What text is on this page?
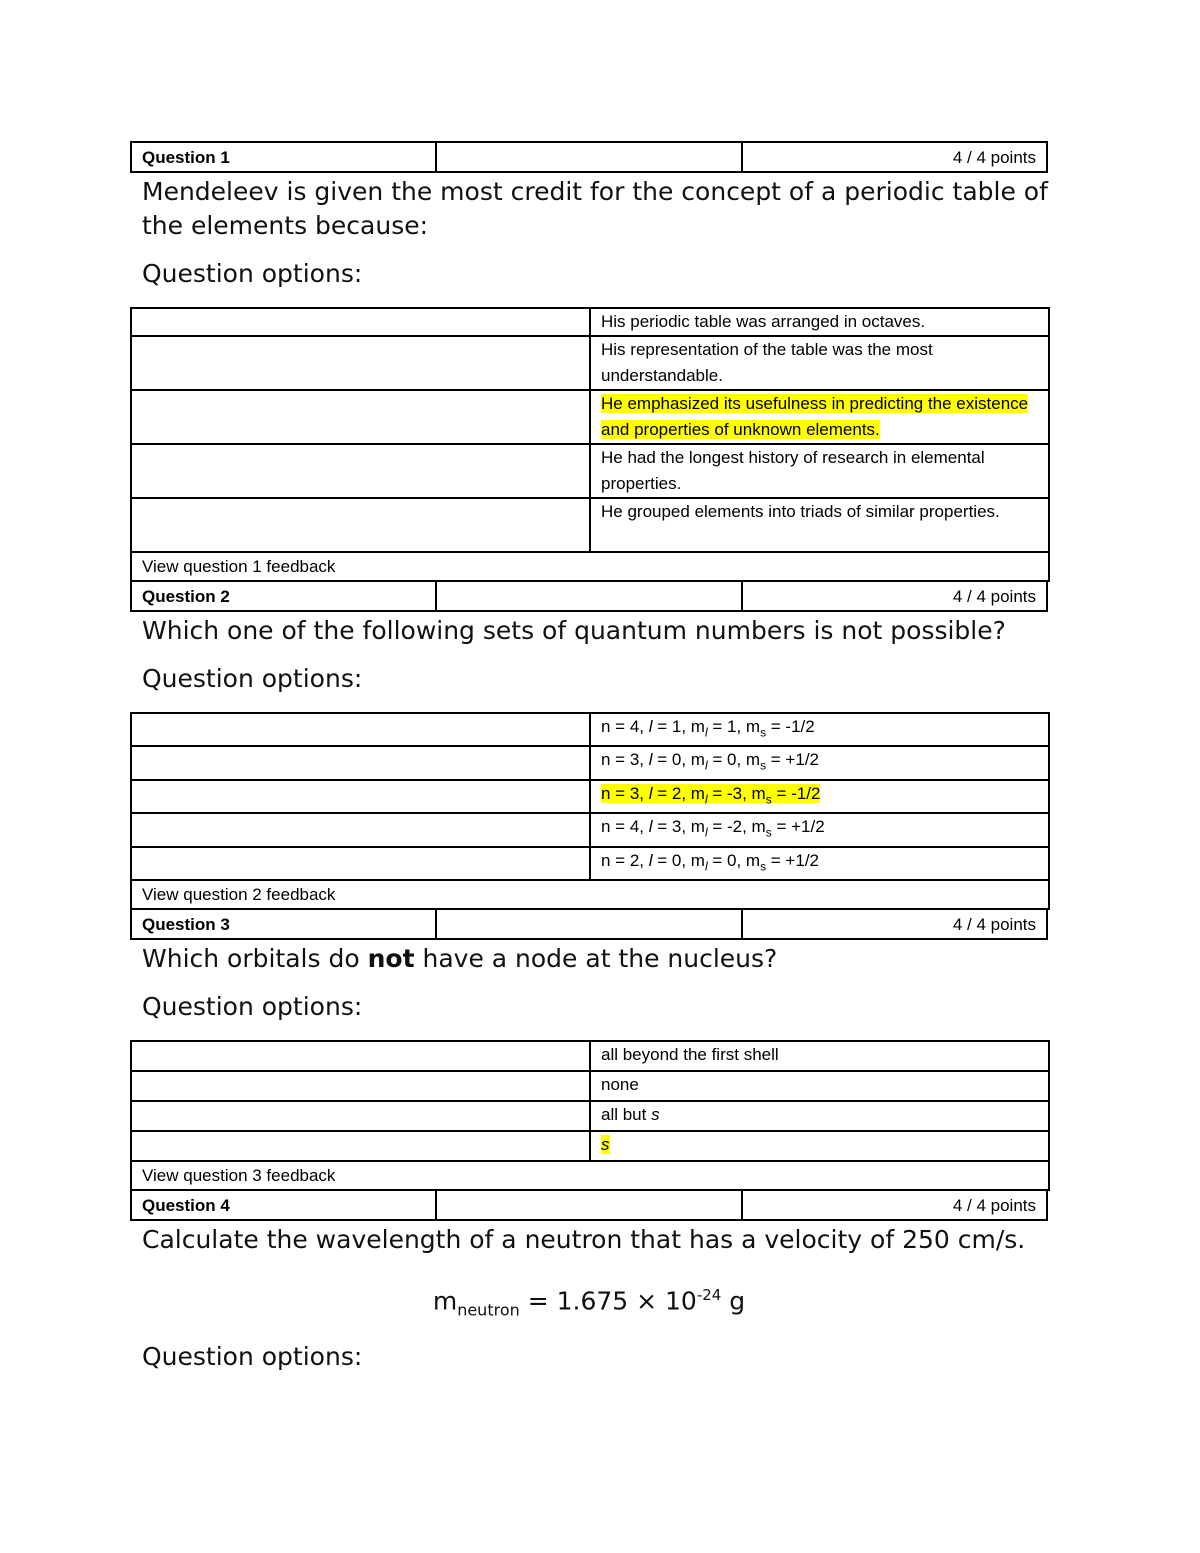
Question 1		4 / 4 points
Mendeleev is given the most credit for the concept of a periodic table of the elements because:
Question options:
	His periodic table was arranged in octaves.
	His representation of the table was the most understandable.
	He emphasized its usefulness in predicting the existence and properties of unknown elements.
	He had the longest history of research in elemental properties.
	He grouped elements into triads of similar properties.
View question 1 feedback	
Question 2		4 / 4 points
Which one of the following sets of quantum numbers is not possible?
Question options:
	n = 4, l = 1, $m_l = 1$, $m_s = -1/2$
	n = 3, l = 0, $m_l = 0$, $m_s = +1/2$
	n = 3, l = 2, $m_l = -3$, $m_s = -1/2$
	n = 4, l = 3, $m_l = -2$, $m_s = +1/2$
	n = 2, l = 0, $m_l = 0$, $m_s = +1/2$
View question 2 feedback	
Question 3		4 / 4 points
Which orbitals do not have a node at the nucleus?
Question options:
	all beyond the first shell
	none
	all but s
	s
View question 3 feedback	
Question 4		4 / 4 points
Calculate the wavelength of a neutron that has a velocity of 250 cm/s.
$m_{neutron} = 1.675 \times 10^{-24}$ g
Question options:
